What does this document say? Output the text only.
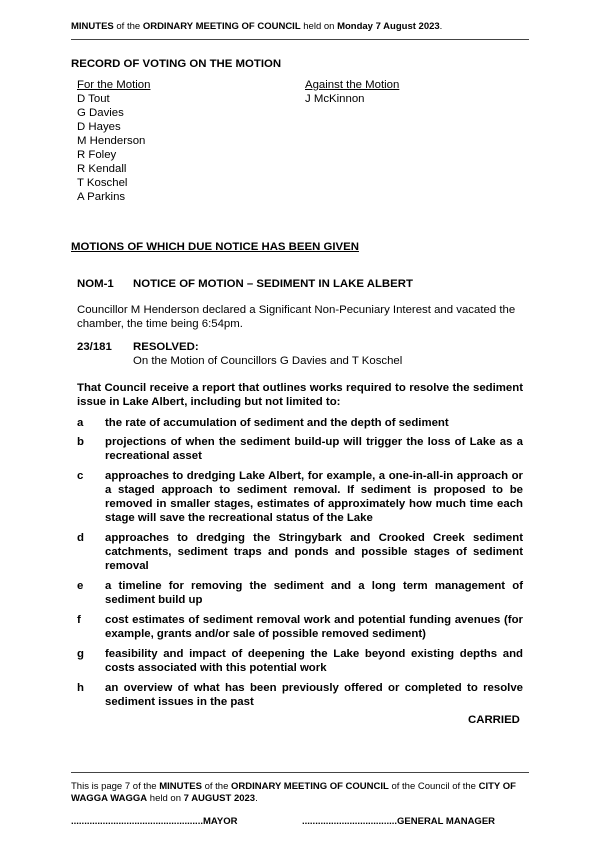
MINUTES of the ORDINARY MEETING OF COUNCIL held on Monday 7 August 2023.
RECORD OF VOTING ON THE MOTION
For the Motion
D Tout
G Davies
D Hayes
M Henderson
R Foley
R Kendall
T Koschel
A Parkins
Against the Motion
J McKinnon
MOTIONS OF WHICH DUE NOTICE HAS BEEN GIVEN
NOM-1 NOTICE OF MOTION – SEDIMENT IN LAKE ALBERT
Councillor M Henderson declared a Significant Non-Pecuniary Interest and vacated the chamber, the time being 6:54pm.
23/181 RESOLVED:
On the Motion of Councillors G Davies and T Koschel
That Council receive a report that outlines works required to resolve the sediment issue in Lake Albert, including but not limited to:
a the rate of accumulation of sediment and the depth of sediment
b projections of when the sediment build-up will trigger the loss of Lake as a recreational asset
c approaches to dredging Lake Albert, for example, a one-in-all-in approach or a staged approach to sediment removal. If sediment is proposed to be removed in smaller stages, estimates of approximately how much time each stage will save the recreational status of the Lake
d approaches to dredging the Stringybark and Crooked Creek sediment catchments, sediment traps and ponds and possible stages of sediment removal
e a timeline for removing the sediment and a long term management of sediment build up
f cost estimates of sediment removal work and potential funding avenues (for example, grants and/or sale of possible removed sediment)
g feasibility and impact of deepening the Lake beyond existing depths and costs associated with this potential work
h an overview of what has been previously offered or completed to resolve sediment issues in the past
CARRIED
This is page 7 of the MINUTES of the ORDINARY MEETING OF COUNCIL of the Council of the CITY OF WAGGA WAGGA held on 7 AUGUST 2023.
..................................................MAYOR	....................................GENERAL MANAGER
